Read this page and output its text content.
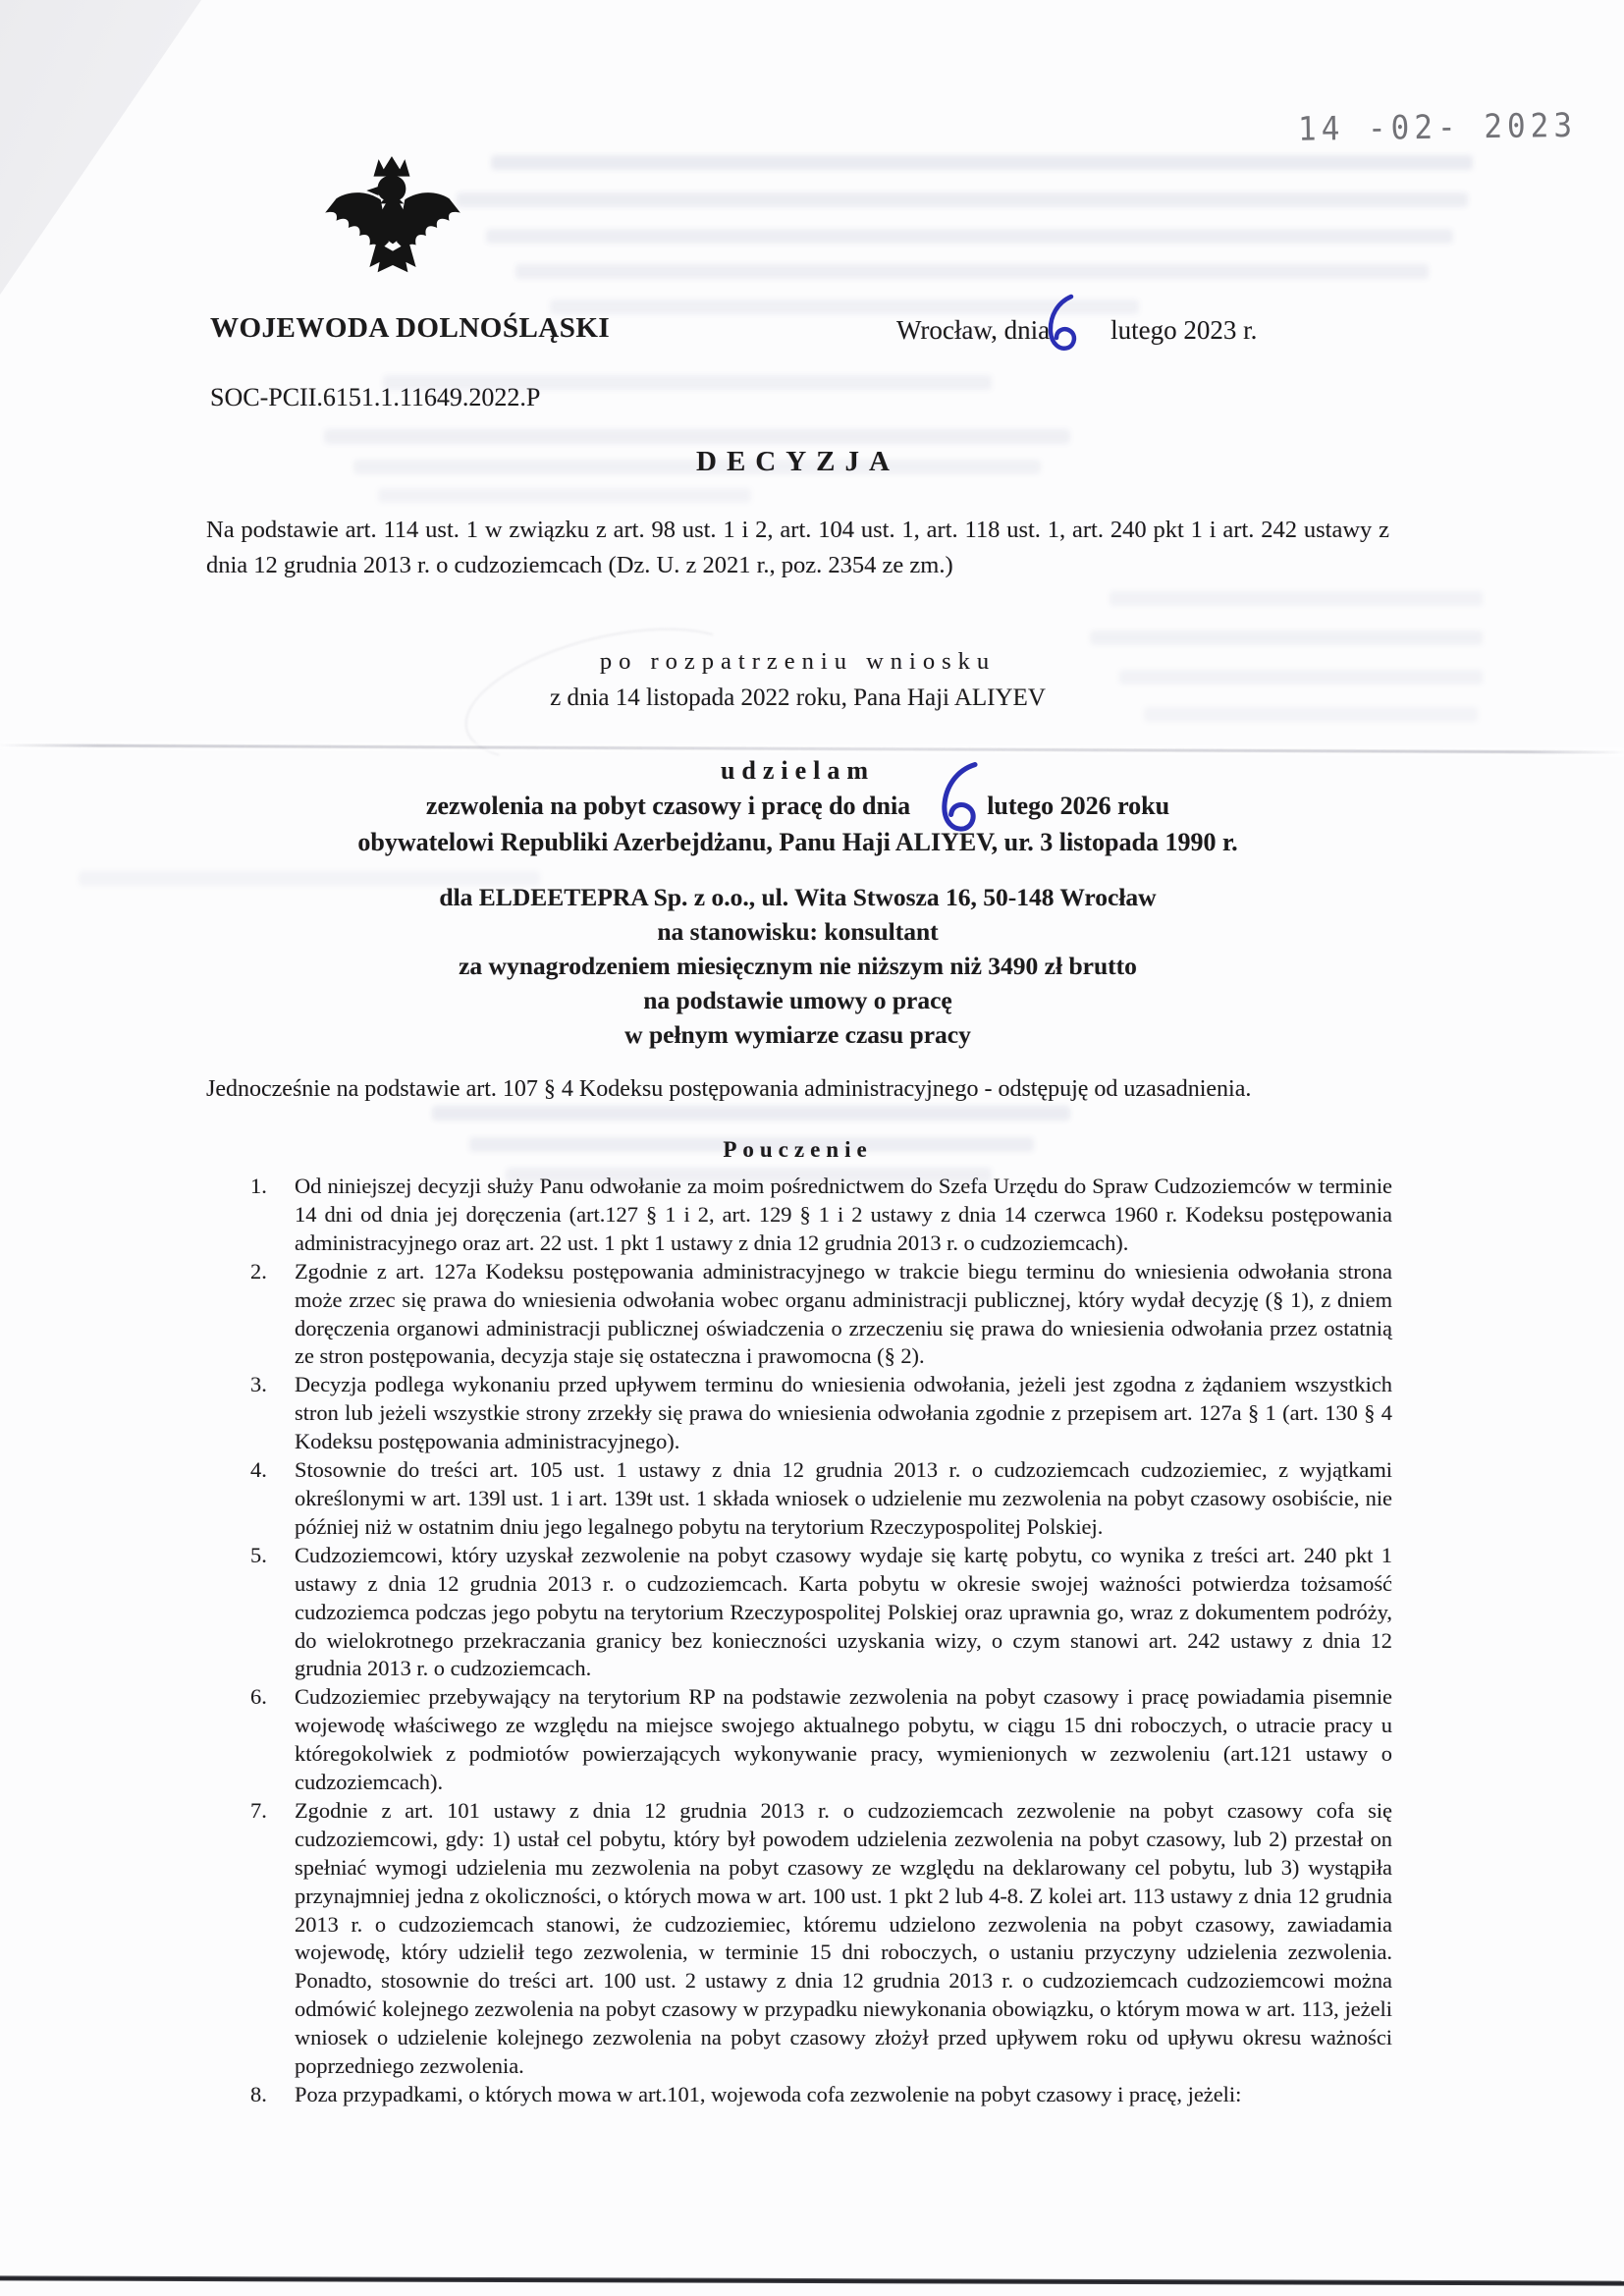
14 -02- 2023
WOJEWODA DOLNOŚLĄSKI	Wrocław, dnia lutego 2023 r.
SOC-PCII.6151.1.11649.2022.P
DECYZJA

Na podstawie art. 114 ust. 1 w związku z art. 98 ust. 1 i 2, art. 104 ust. 1, art. 118 ust. 1, art. 240 pkt 1 i art. 242 ustawy z dnia 12 grudnia 2013 r. o cudzoziemcach (Dz. U. z 2021 r., poz. 2354 ze zm.)

po rozpatrzeniu wniosku
z dnia 14 listopada 2022 roku, Pana Haji ALIYEV
udzielam
zezwolenia na pobyt czasowy i pracę do dnia	lutego 2026 roku
obywatelowi Republiki Azerbejdżanu, Panu Haji ALIYEV, ur. 3 listopada 1990 r.
dla ELDEETEPRA Sp. z o.o., ul. Wita Stwosza 16, 50-148 Wrocław
na stanowisku: konsultant
za wynagrodzeniem miesięcznym nie niższym niż 3490 zł brutto
na podstawie umowy o pracę
w pełnym wymiarze czasu pracy

Jednocześnie na podstawie art. 107 § 4 Kodeksu postępowania administracyjnego - odstępuję od uzasadnienia.

Pouczenie
1.	Od niniejszej decyzji służy Panu odwołanie za moim pośrednictwem do Szefa Urzędu do Spraw Cudzoziemców w terminie 14 dni od dnia jej doręczenia (art.127 § 1 i 2, art. 129 § 1 i 2 ustawy z dnia 14 czerwca 1960 r. Kodeksu postępowania administracyjnego oraz art. 22 ust. 1 pkt 1 ustawy z dnia 12 grudnia 2013 r. o cudzoziemcach).
2.	Zgodnie z art. 127a Kodeksu postępowania administracyjnego w trakcie biegu terminu do wniesienia odwołania strona może zrzec się prawa do wniesienia odwołania wobec organu administracji publicznej, który wydał decyzję (§ 1), z dniem doręczenia organowi administracji publicznej oświadczenia o zrzeczeniu się prawa do wniesienia odwołania przez ostatnią ze stron postępowania, decyzja staje się ostateczna i prawomocna (§ 2).
3.	Decyzja podlega wykonaniu przed upływem terminu do wniesienia odwołania, jeżeli jest zgodna z żądaniem wszystkich stron lub jeżeli wszystkie strony zrzekły się prawa do wniesienia odwołania zgodnie z przepisem art. 127a § 1 (art. 130 § 4 Kodeksu postępowania administracyjnego).
4.	Stosownie do treści art. 105 ust. 1 ustawy z dnia 12 grudnia 2013 r. o cudzoziemcach cudzoziemiec, z wyjątkami określonymi w art. 139l ust. 1 i art. 139t ust. 1 składa wniosek o udzielenie mu zezwolenia na pobyt czasowy osobiście, nie później niż w ostatnim dniu jego legalnego pobytu na terytorium Rzeczypospolitej Polskiej.
5.	Cudzoziemcowi, który uzyskał zezwolenie na pobyt czasowy wydaje się kartę pobytu, co wynika z treści art. 240 pkt 1 ustawy z dnia 12 grudnia 2013 r. o cudzoziemcach. Karta pobytu w okresie swojej ważności potwierdza tożsamość cudzoziemca podczas jego pobytu na terytorium Rzeczypospolitej Polskiej oraz uprawnia go, wraz z dokumentem podróży, do wielokrotnego przekraczania granicy bez konieczności uzyskania wizy, o czym stanowi art. 242 ustawy z dnia 12 grudnia 2013 r. o cudzoziemcach.
6.	Cudzoziemiec przebywający na terytorium RP na podstawie zezwolenia na pobyt czasowy i pracę powiadamia pisemnie wojewodę właściwego ze względu na miejsce swojego aktualnego pobytu, w ciągu 15 dni roboczych, o utracie pracy u któregokolwiek z podmiotów powierzających wykonywanie pracy, wymienionych w zezwoleniu (art.121 ustawy o cudzoziemcach).
7.	Zgodnie z art. 101 ustawy z dnia 12 grudnia 2013 r. o cudzoziemcach zezwolenie na pobyt czasowy cofa się cudzoziemcowi, gdy: 1) ustał cel pobytu, który był powodem udzielenia zezwolenia na pobyt czasowy, lub 2) przestał on spełniać wymogi udzielenia mu zezwolenia na pobyt czasowy ze względu na deklarowany cel pobytu, lub 3) wystąpiła przynajmniej jedna z okoliczności, o których mowa w art. 100 ust. 1 pkt 2 lub 4-8. Z kolei art. 113 ustawy z dnia 12 grudnia 2013 r. o cudzoziemcach stanowi, że cudzoziemiec, któremu udzielono zezwolenia na pobyt czasowy, zawiadamia wojewodę, który udzielił tego zezwolenia, w terminie 15 dni roboczych, o ustaniu przyczyny udzielenia zezwolenia. Ponadto, stosownie do treści art. 100 ust. 2 ustawy z dnia 12 grudnia 2013 r. o cudzoziemcach cudzoziemcowi można odmówić kolejnego zezwolenia na pobyt czasowy w przypadku niewykonania obowiązku, o którym mowa w art. 113, jeżeli wniosek o udzielenie kolejnego zezwolenia na pobyt czasowy złożył przed upływem roku od upływu okresu ważności poprzedniego zezwolenia.
8.	Poza przypadkami, o których mowa w art.101, wojewoda cofa zezwolenie na pobyt czasowy i pracę, jeżeli:
